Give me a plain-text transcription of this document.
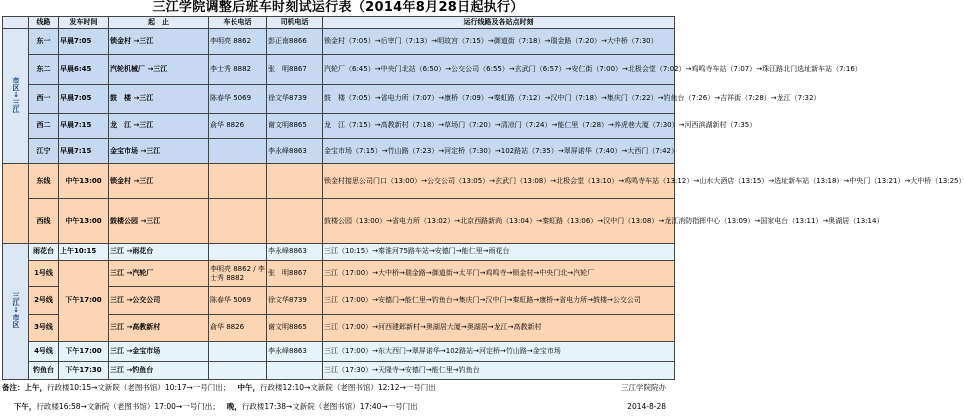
三江学院调整后班车时刻试运行表（2014年8月28日起执行）
	线路	发车时间	起　止	车长电话	司机电话	运行线路及各站点时刻
市区↓三江	东一	早晨7:05	锁金村 →三江	李明亮 8862	彭正南8866	锁金村（7:05）→后宰门（7:13）→明故宫（7:15）→御道街（7:18）→瑞金路（7:20）→大中桥（7:30）
	东二	早晨6:45	汽轮机械厂 →三江	李士秀 8882	张　明8867	汽轮厂（6:45）→中央门北站（6:50）→公交公司（6:55）→玄武门（6:57）→安仁街（7:00）→北极会堂（7:02）→鸡鸣寺车站（7:07）→珠江路北门选址新车站（7:16）
	西一	早晨7:05	鼓　楼 →三江	陈春华 5069	徐文华8739	鼓　楼（7:05）→省电力所（7:07）→康桥（7:09）→秦虹路（7:12）→汉中门（7:18）→集庆门（7:22）→钓鱼台（7:26）→吉祥街（7:28）→龙江（7:32）
	西二	早晨7:15	龙　江 →三江	俞华 8826	谢文明8865	龙　江（7:15）→高教新村（7:18）→草场门（7:20）→清凉门（7:24）→能仁里（7:28）→养虎巷大厦（7:30）→河西滨湖新村（7:35）
	江宁	早晨7:15	金宝市场 →三江		李永峰8863	金宝市场（7:15）→竹山路（7:23）→河定桥（7:30）→102路站（7:35）→翠屏诺华（7:40）→大西门（7:42）
	东线	中午13:00	锁金村 →三江			锁金村接思公司门口（13:00）→公交公司（13:05）→玄武门（13:08）→北极会堂（13:10）→鸡鸣寺车站（13:12）→山水大酒店（13:15）→选址新车站（13:18）→中央门（13:21）→大中桥（13:25）
	西线	中午13:00	鼓楼公园 →三江			鼓楼公园（13:00）→省电力所（13:02）→北京西路新尚（13:04）→秦虹路（13:06）→汉中门（13:08）→龙江消防指挥中心（13:09）→国家电台（13:11）→奥湖居（13:14）
三江↓市区	雨花台	上午10:15	三江 →雨花台		李永峰8863	三江（10:15）→秦淮河75路车站→安德门→能仁里→雨花台
	1号线	下午17:00	三江 →汽轮厂	李明亮 8862 / 李士秀 8882	张　明8867	三江（17:00）→大中桥→瑞金路→御道街→太平门→鸡鸣寺→锁金村→中央门北→汽轮厂
	2号线		三江 →公交公司	陈春华 5069	徐文华8739	三江（17:00）→安德门→能仁里→钓鱼台→集庆门→汉中门→秦虹路→康桥→省电力所→鼓楼→公交公司
	3号线		三江 →高教新村	俞华 8826	谢文明8865	三江（17:00）→河西建邺新村→奥湖居大厦→奥湖居→龙江→高教新村
	4号线	下午17:00	三江 →金宝市场		李永峰8863	三江（17:00）→东大西门→翠屏诺华→102路站→河定桥→竹山路→金宝市场
	钓鱼台	下午17:30	三江 →钓鱼台			三江（17:30）→天隆寺→安德门→能仁里→钓鱼台
备注：上午，行政楼10:15→文新院（老图书馆）10:17→一号门出； 中午，行政楼12:10→文新院（老图书馆）12:12→一号门出	三江学院院办
下午，行政楼16:58→文新院（老图书馆）17:00→一号门出； 晚，行政楼17:38→文新院（老图书馆）17:40→一号门出	2014-8-28
